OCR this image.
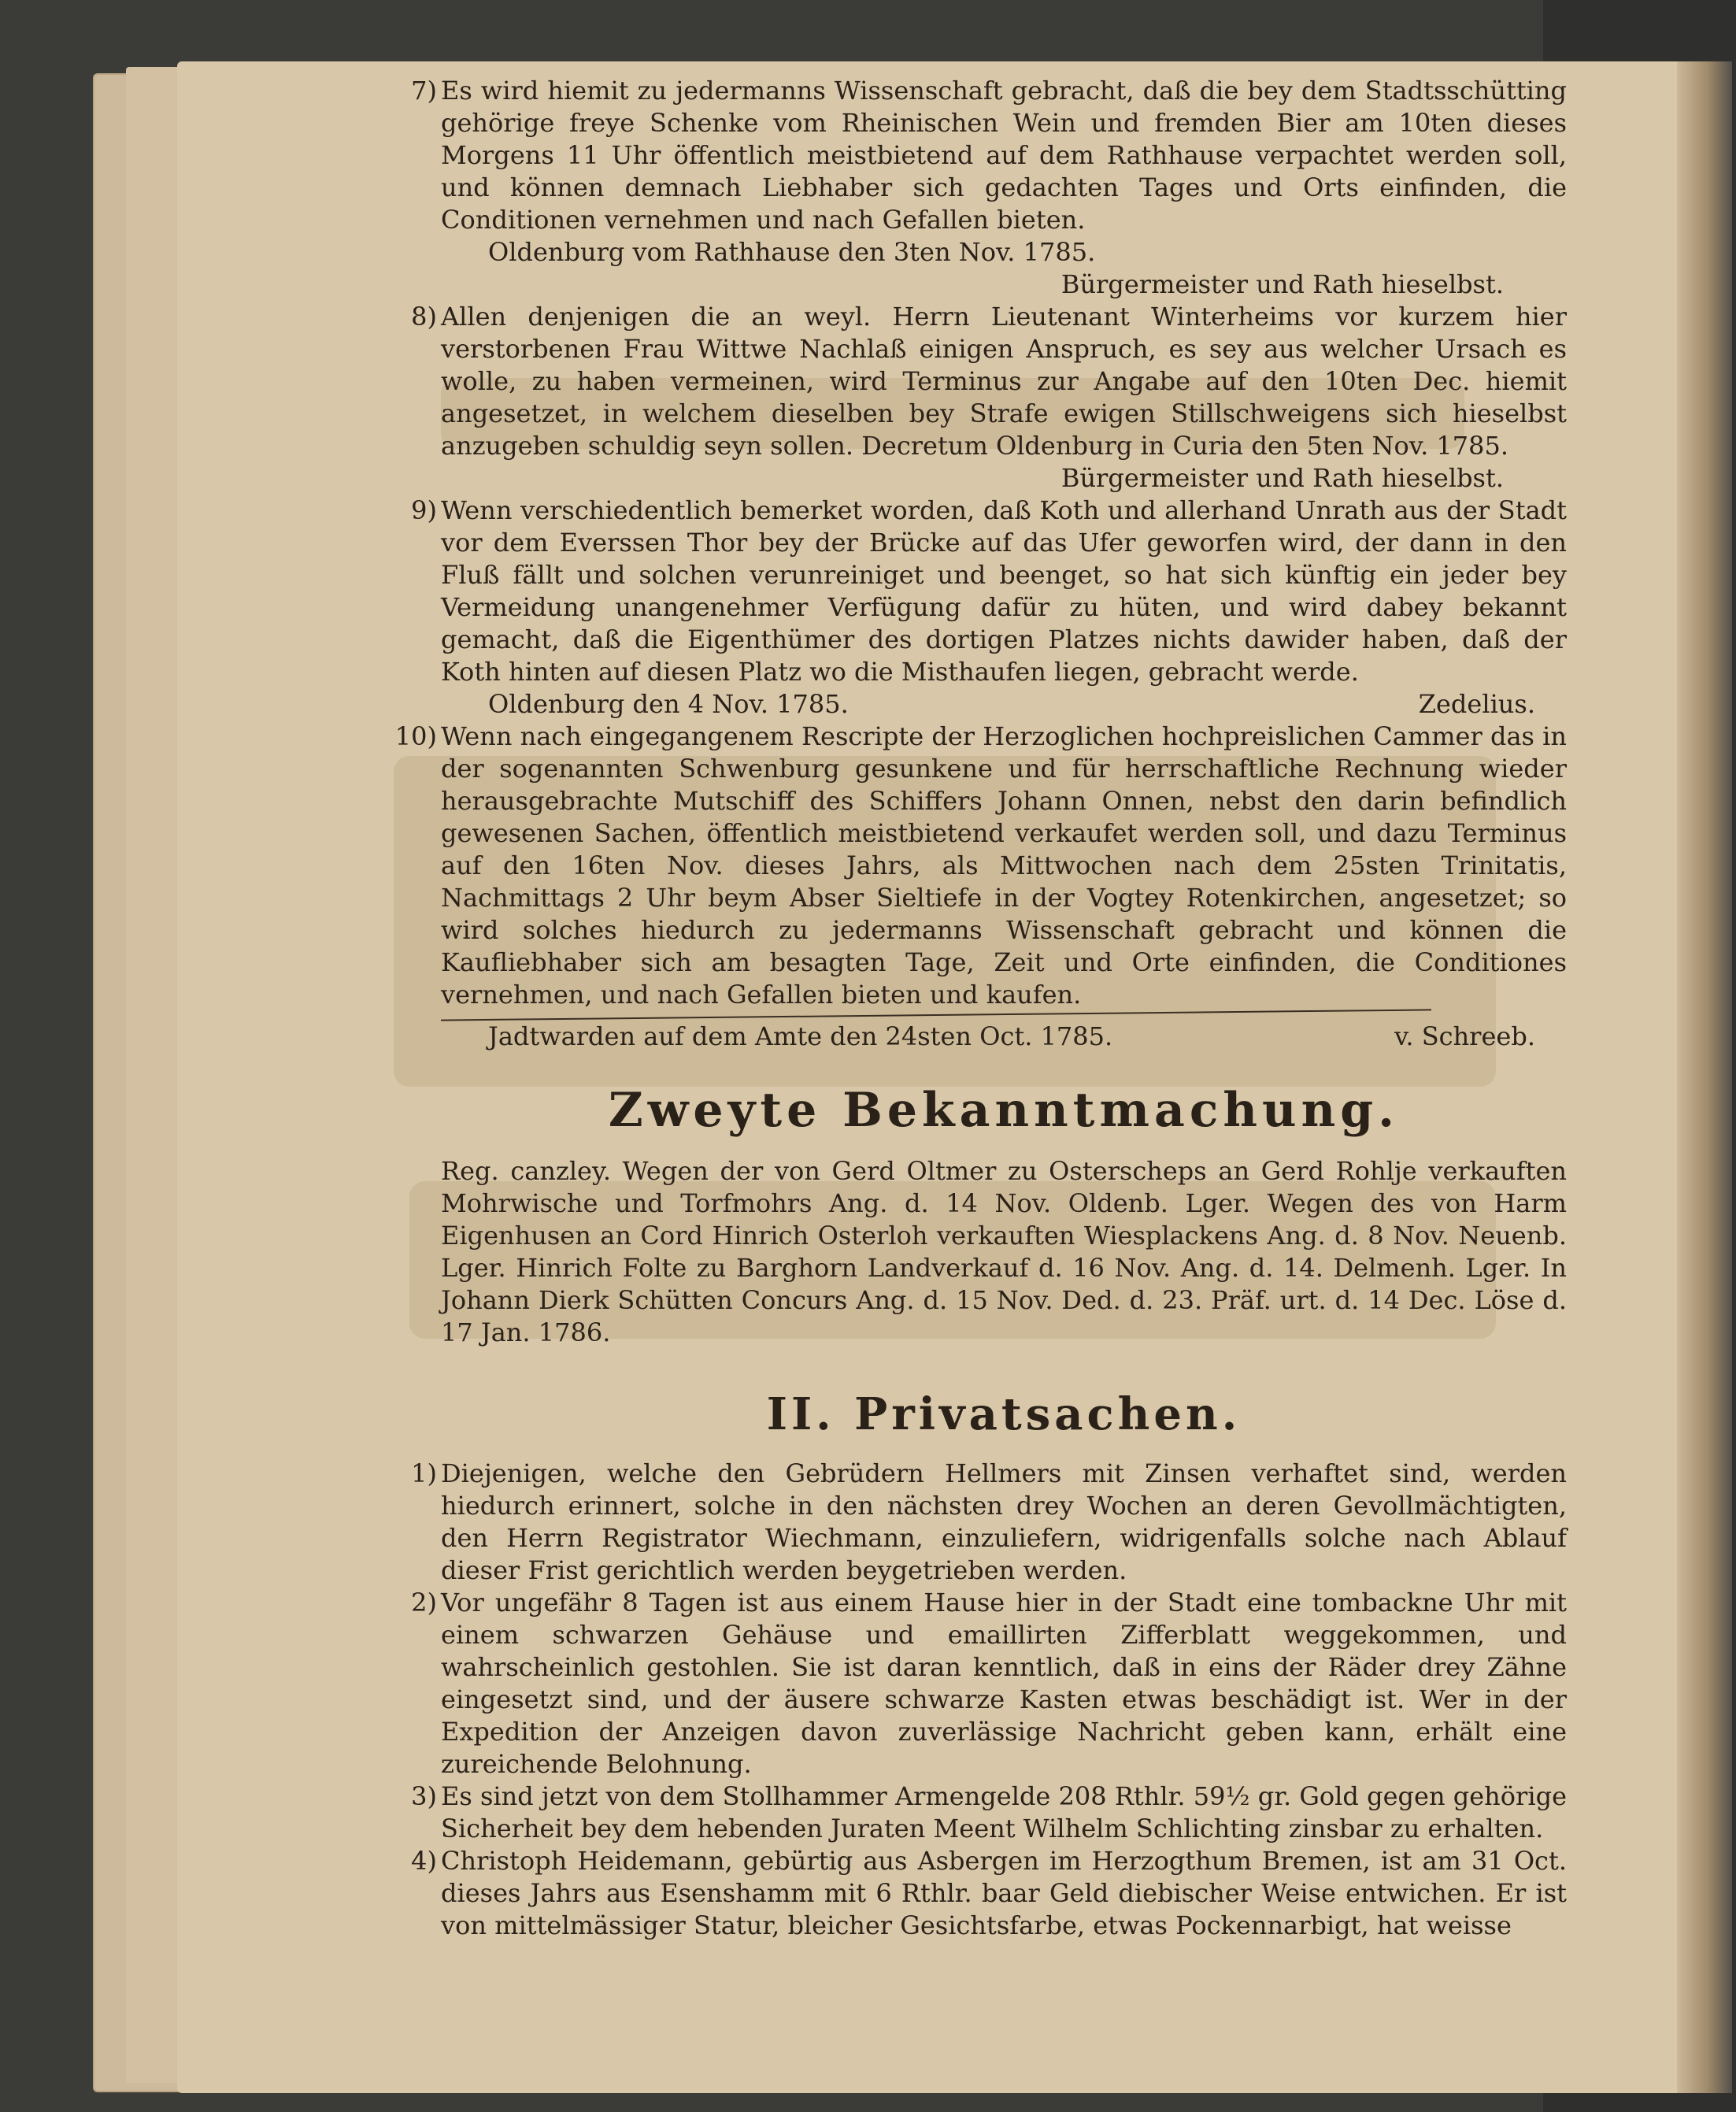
7) Es wird hiemit zu jedermanns Wissenschaft gebracht, daß die bey dem Stadtsschütting gehörige freye Schenke vom Rheinischen Wein und fremden Bier am 10ten dieses Morgens 11 Uhr öffentlich meistbietend auf dem Rathhause verpachtet werden soll, und können demnach Liebhaber sich gedachten Tages und Orts einfinden, die Conditionen vernehmen und nach Gefallen bieten.
Oldenburg vom Rathhause den 3ten Nov. 1785.
Bürgermeister und Rath hieselbst.
8) Allen denjenigen die an weyl. Herrn Lieutenant Winterheims vor kurzem hier verstorbenen Frau Wittwe Nachlaß einigen Anspruch, es sey aus welcher Ursach es wolle, zu haben vermeinen, wird Terminus zur Angabe auf den 10ten Dec. hiemit angesetzet, in welchem dieselben bey Strafe ewigen Stillschweigens sich hieselbst anzugeben schuldig seyn sollen. Decretum Oldenburg in Curia den 5ten Nov. 1785.
Bürgermeister und Rath hieselbst.
9) Wenn verschiedentlich bemerket worden, daß Koth und allerhand Unrath aus der Stadt vor dem Everssen Thor bey der Brücke auf das Ufer geworfen wird, der dann in den Fluß fällt und solchen verunreiniget und beenget, so hat sich künftig ein jeder bey Vermeidung unangenehmer Verfügung dafür zu hüten, und wird dabey bekannt gemacht, daß die Eigenthümer des dortigen Platzes nichts dawider haben, daß der Koth hinten auf diesen Platz wo die Misthaufen liegen, gebracht werde.
Oldenburg den 4 Nov. 1785.	Zedelius.
10) Wenn nach eingegangenem Rescripte der Herzoglichen hochpreislichen Cammer das in der sogenannten Schwenburg gesunkene und für herrschaftliche Rechnung wieder herausgebrachte Mutschiff des Schiffers Johann Onnen, nebst den darin befindlich gewesenen Sachen, öffentlich meistbietend verkaufet werden soll, und dazu Terminus auf den 16ten Nov. dieses Jahrs, als Mittwochen nach dem 25sten Trinitatis, Nachmittags 2 Uhr beym Abser Sieltiefe in der Vogtey Rotenkirchen, angesetzet; so wird solches hiedurch zu jedermanns Wissenschaft gebracht und können die Kaufliebhaber sich am besagten Tage, Zeit und Orte einfinden, die Conditiones vernehmen, und nach Gefallen bieten und kaufen.
Jadtwarden auf dem Amte den 24sten Oct. 1785.	v. Schreeb.
Zweyte Bekanntmachung.
Reg. canzley. Wegen der von Gerd Oltmer zu Osterscheps an Gerd Rohlje verkauften Mohrwische und Torfmohrs Ang. d. 14 Nov. Oldenb. Lger. Wegen des von Harm Eigenhusen an Cord Hinrich Osterloh verkauften Wiesplackens Ang. d. 8 Nov. Neuenb. Lger. Hinrich Folte zu Barghorn Landverkauf d. 16 Nov. Ang. d. 14. Delmenh. Lger. In Johann Dierk Schütten Concurs Ang. d. 15 Nov. Ded. d. 23. Präf. urt. d. 14 Dec. Löse d. 17 Jan. 1786.
II. Privatsachen.
1) Diejenigen, welche den Gebrüdern Hellmers mit Zinsen verhaftet sind, werden hiedurch erinnert, solche in den nächsten drey Wochen an deren Gevollmächtigten, den Herrn Registrator Wiechmann, einzuliefern, widrigenfalls solche nach Ablauf dieser Frist gerichtlich werden beygetrieben werden.
2) Vor ungefähr 8 Tagen ist aus einem Hause hier in der Stadt eine tombackne Uhr mit einem schwarzen Gehäuse und emaillirten Zifferblatt weggekommen, und wahrscheinlich gestohlen. Sie ist daran kenntlich, daß in eins der Räder drey Zähne eingesetzt sind, und der äusere schwarze Kasten etwas beschädigt ist. Wer in der Expedition der Anzeigen davon zuverlässige Nachricht geben kann, erhält eine zureichende Belohnung.
3) Es sind jetzt von dem Stollhammer Armengelde 208 Rthlr. 59½ gr. Gold gegen gehörige Sicherheit bey dem hebenden Juraten Meent Wilhelm Schlichting zinsbar zu erhalten.
4) Christoph Heidemann, gebürtig aus Asbergen im Herzogthum Bremen, ist am 31 Oct. dieses Jahrs aus Esenshamm mit 6 Rthlr. baar Geld diebischer Weise entwichen. Er ist von mittelmässiger Statur, bleicher Gesichtsfarbe, etwas Pockennarbigt, hat weisse
